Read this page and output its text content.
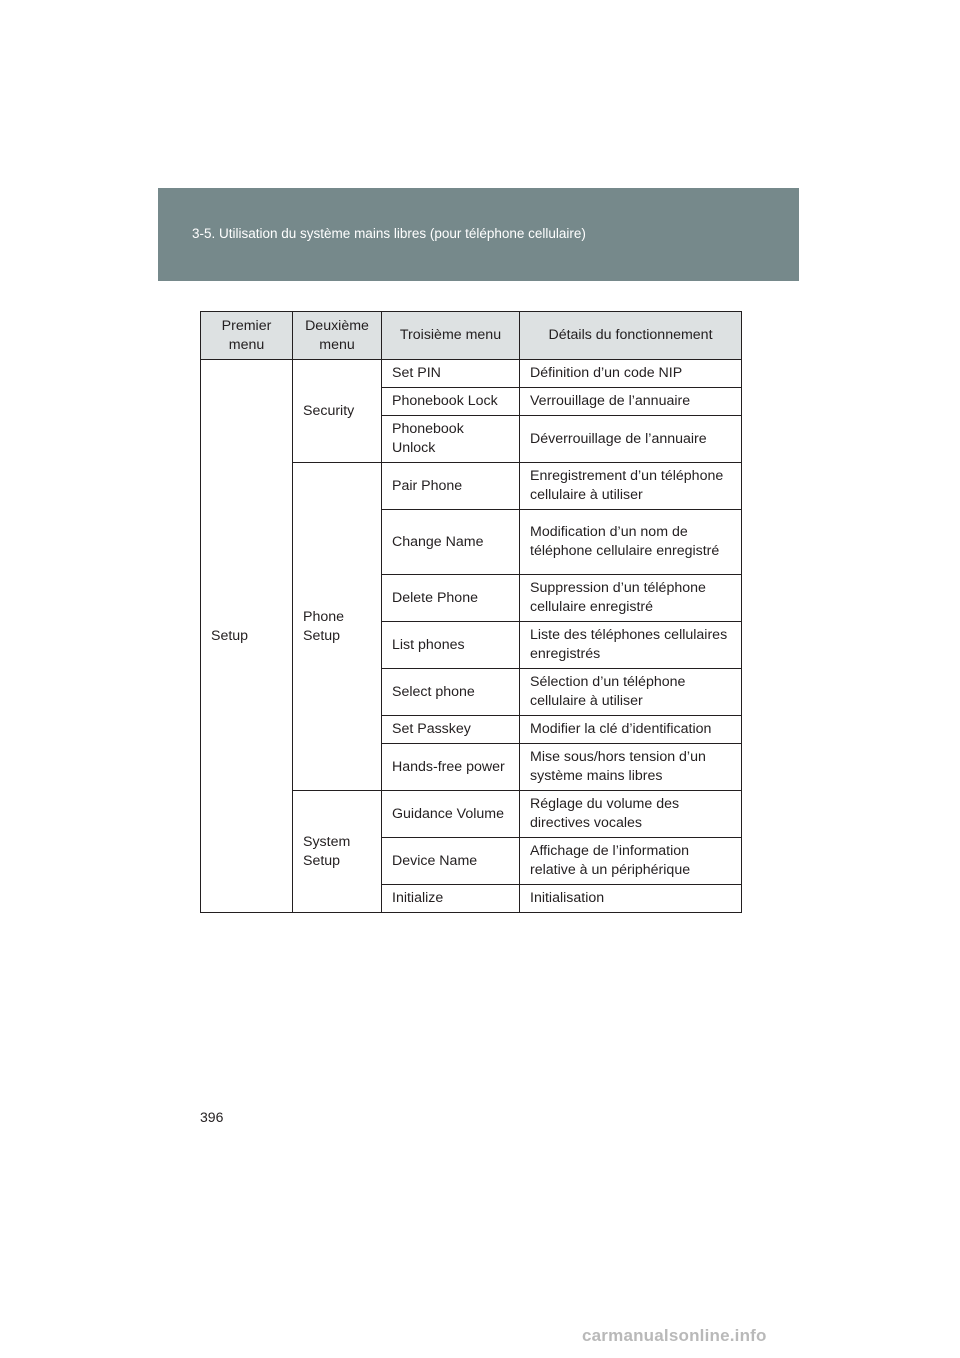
3-5. Utilisation du système mains libres (pour téléphone cellulaire)
Premier menu	Deuxième menu	Troisième menu	Détails du fonctionnement
Setup	Security	Set PIN	Définition d’un code NIP
		Phonebook Lock	Verrouillage de l’annuaire
		Phonebook Unlock	Déverrouillage de l’annuaire
	Phone Setup	Pair Phone	Enregistrement d’un téléphone cellulaire à utiliser
		Change Name	Modification d’un nom de téléphone cellulaire enregistré
		Delete Phone	Suppression d’un téléphone cellulaire enregistré
		List phones	Liste des téléphones cellulaires enregistrés
		Select phone	Sélection d’un téléphone cellulaire à utiliser
		Set Passkey	Modifier la clé d’identification
		Hands-free power	Mise sous/hors tension d’un système mains libres
	System Setup	Guidance Volume	Réglage du volume des directives vocales
		Device Name	Affichage de l’information relative à un périphérique
		Initialize	Initialisation
396
carmanualsonline.info
